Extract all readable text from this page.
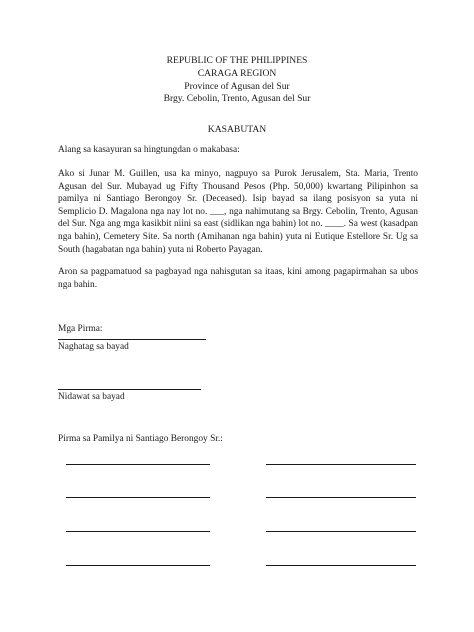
REPUBLIC OF THE PHILIPPINES
CARAGA REGION
Province of Agusan del Sur
Brgy. Cebolin, Trento, Agusan del Sur
KASABUTAN
Alang sa kasayuran sa hingtungdan o makabasa:
Ako si Junar M. Guillen, usa ka minyo, nagpuyo sa Purok Jerusalem, Sta. Maria, Trento Agusan del Sur. Mubayad ug Fifty Thousand Pesos (Php. 50,000) kwartang Pilipinhon sa pamilya ni Santiago Berongoy Sr. (Deceased). Isip bayad sa ilang posisyon sa yuta ni Semplicio D. Magalona nga nay lot no. ___, nga nahimutang sa Brgy. Cebolin, Trento, Agusan del Sur. Nga ang mga kasikbit niini sa east (sidlikan nga bahin) lot no. ____. Sa west (kasadpan nga bahin), Cemetery Site. Sa north (Amihanan nga bahin) yuta ni Eutique Estellore Sr. Ug sa South (hagabatan nga bahin) yuta ni Roberto Payagan.
Aron sa pagpamatuod sa pagbayad nga nahisgutan sa itaas, kini among pagapirmahan sa ubos nga bahin.
Mga Pirma:
Naghatag sa bayad
Nidawat sa bayad
Pirma sa Pamilya ni Santiago Berongoy Sr.:
